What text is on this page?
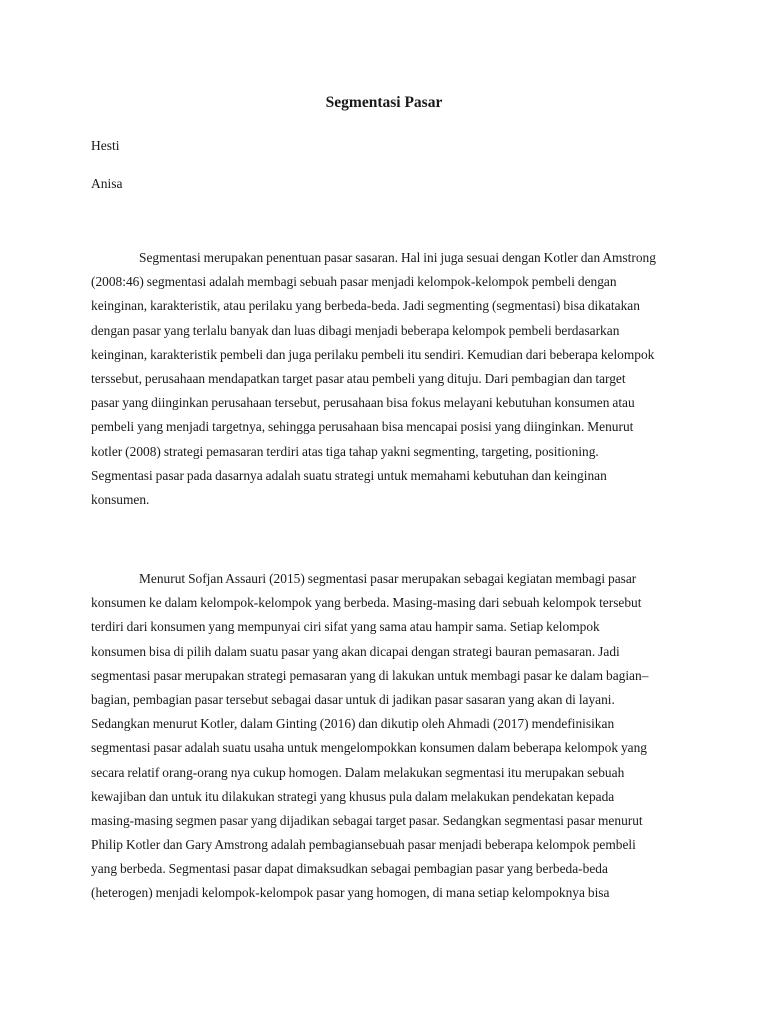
Segmentasi Pasar
Hesti
Anisa
Segmentasi merupakan penentuan pasar sasaran. Hal ini juga sesuai dengan Kotler dan Amstrong
(2008:46) segmentasi adalah membagi sebuah pasar menjadi kelompok-kelompok pembeli dengan
keinginan, karakteristik, atau perilaku yang berbeda-beda. Jadi segmenting (segmentasi) bisa dikatakan
dengan pasar yang terlalu banyak dan luas dibagi menjadi beberapa kelompok pembeli berdasarkan
keinginan, karakteristik pembeli dan juga perilaku pembeli itu sendiri. Kemudian dari beberapa kelompok
terssebut, perusahaan mendapatkan target pasar atau pembeli yang dituju. Dari pembagian dan target
pasar yang diinginkan perusahaan tersebut, perusahaan bisa fokus melayani kebutuhan konsumen atau
pembeli yang menjadi targetnya, sehingga perusahaan bisa mencapai posisi yang diinginkan. Menurut
kotler (2008) strategi pemasaran terdiri atas tiga tahap yakni segmenting, targeting, positioning.
Segmentasi pasar pada dasarnya adalah suatu strategi untuk memahami kebutuhan dan keinginan
konsumen.
Menurut Sofjan Assauri (2015) segmentasi pasar merupakan sebagai kegiatan membagi pasar
konsumen ke dalam kelompok-kelompok yang berbeda. Masing-masing dari sebuah kelompok tersebut
terdiri dari konsumen yang mempunyai ciri sifat yang sama atau hampir sama. Setiap kelompok
konsumen bisa di pilih dalam suatu pasar yang akan dicapai dengan strategi bauran pemasaran. Jadi
segmentasi pasar merupakan strategi pemasaran yang di lakukan untuk membagi pasar ke dalam bagian–
bagian, pembagian pasar tersebut sebagai dasar untuk di jadikan pasar sasaran yang akan di layani.
Sedangkan menurut Kotler, dalam Ginting (2016) dan dikutip oleh Ahmadi (2017) mendefinisikan
segmentasi pasar adalah suatu usaha untuk mengelompokkan konsumen dalam beberapa kelompok yang
secara relatif orang-orang nya cukup homogen. Dalam melakukan segmentasi itu merupakan sebuah
kewajiban dan untuk itu dilakukan strategi yang khusus pula dalam melakukan pendekatan kepada
masing-masing segmen pasar yang dijadikan sebagai target pasar. Sedangkan segmentasi pasar menurut
Philip Kotler dan Gary Amstrong adalah pembagiansebuah pasar menjadi beberapa kelompok pembeli
yang berbeda. Segmentasi pasar dapat dimaksudkan sebagai pembagian pasar yang berbeda-beda
(heterogen) menjadi kelompok-kelompok pasar yang homogen, di mana setiap kelompoknya bisa
